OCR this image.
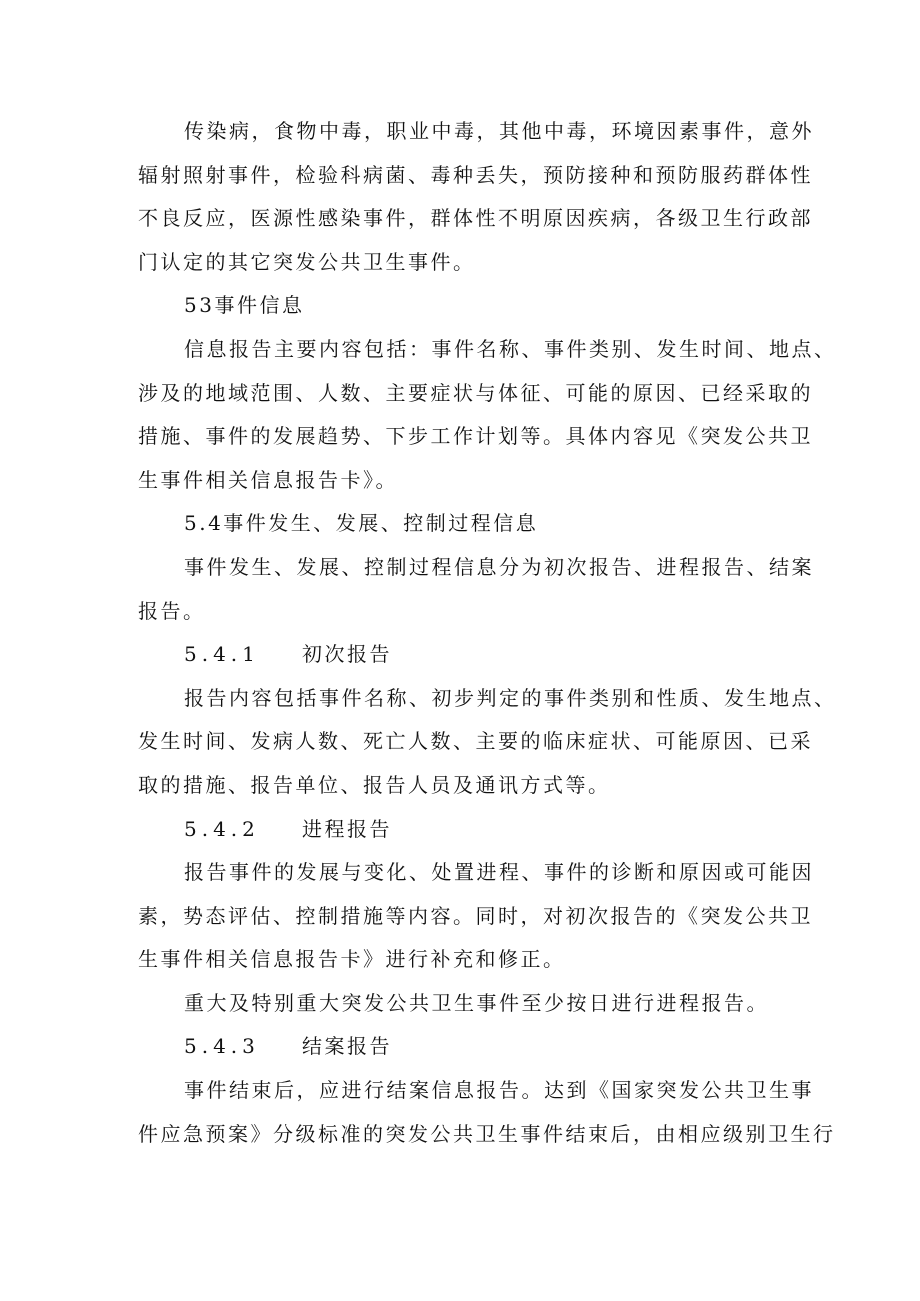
传染病，食物中毒，职业中毒，其他中毒，环境因素事件，意外

辐射照射事件，检验科病菌、毒种丢失，预防接种和预防服药群体性

不良反应，医源性感染事件，群体性不明原因疾病，各级卫生行政部

门认定的其它突发公共卫生事件。

53事件信息

信息报告主要内容包括：事件名称、事件类别、发生时间、地点、

涉及的地域范围、人数、主要症状与体征、可能的原因、已经采取的

措施、事件的发展趋势、下步工作计划等。具体内容见《突发公共卫

生事件相关信息报告卡》。

5.4事件发生、发展、控制过程信息

事件发生、发展、控制过程信息分为初次报告、进程报告、结案

报告。

5.4.1 初次报告

报告内容包括事件名称、初步判定的事件类别和性质、发生地点、

发生时间、发病人数、死亡人数、主要的临床症状、可能原因、已采

取的措施、报告单位、报告人员及通讯方式等。

5.4.2 进程报告

报告事件的发展与变化、处置进程、事件的诊断和原因或可能因

素，势态评估、控制措施等内容。同时，对初次报告的《突发公共卫

生事件相关信息报告卡》进行补充和修正。

重大及特别重大突发公共卫生事件至少按日进行进程报告。

5.4.3 结案报告

事件结束后，应进行结案信息报告。达到《国家突发公共卫生事

件应急预案》分级标准的突发公共卫生事件结束后，由相应级别卫生行
